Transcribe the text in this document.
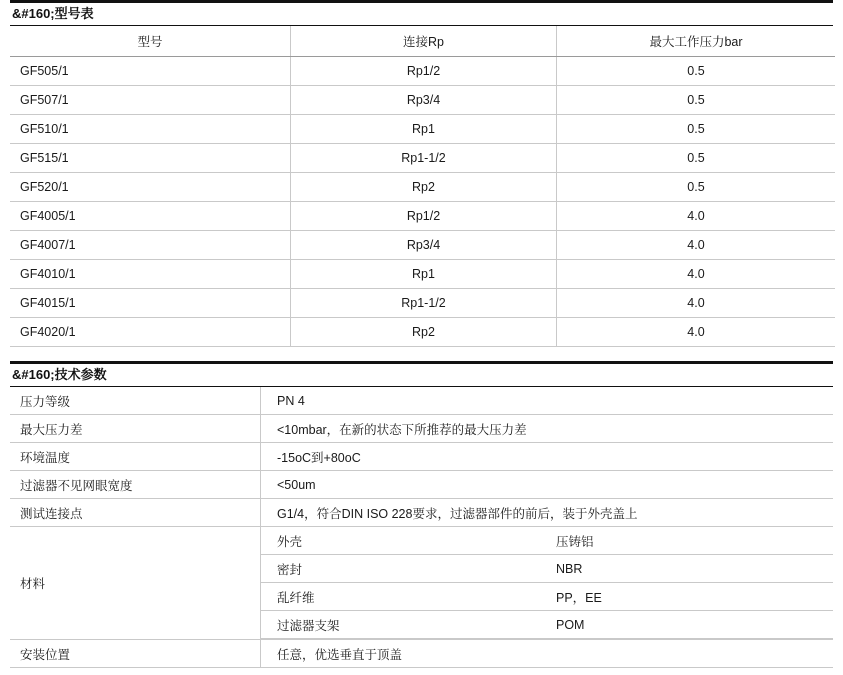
&#160;型号表
型号	连接Rp	最大工作压力bar
GF505/1	Rp1/2	0.5
GF507/1	Rp3/4	0.5
GF510/1	Rp1	0.5
GF515/1	Rp1-1/2	0.5
GF520/1	Rp2	0.5
GF4005/1	Rp1/2	4.0
GF4007/1	Rp3/4	4.0
GF4010/1	Rp1	4.0
GF4015/1	Rp1-1/2	4.0
GF4020/1	Rp2	4.0
&#160;技术参数
压力等级	PN 4
最大压力差	<10mbar，在新的状态下所推荐的最大压力差
环境温度	-15oC到+80oC
过滤器不见网眼宽度	<50um
测试连接点	G1/4，符合DIN ISO 228要求，过滤器部件的前后，装于外壳盖上
材料	
外壳	压铸铝
密封	NBR
乱纤维	PP，EE
过滤器支架	POM

安装位置	任意，优选垂直于顶盖
